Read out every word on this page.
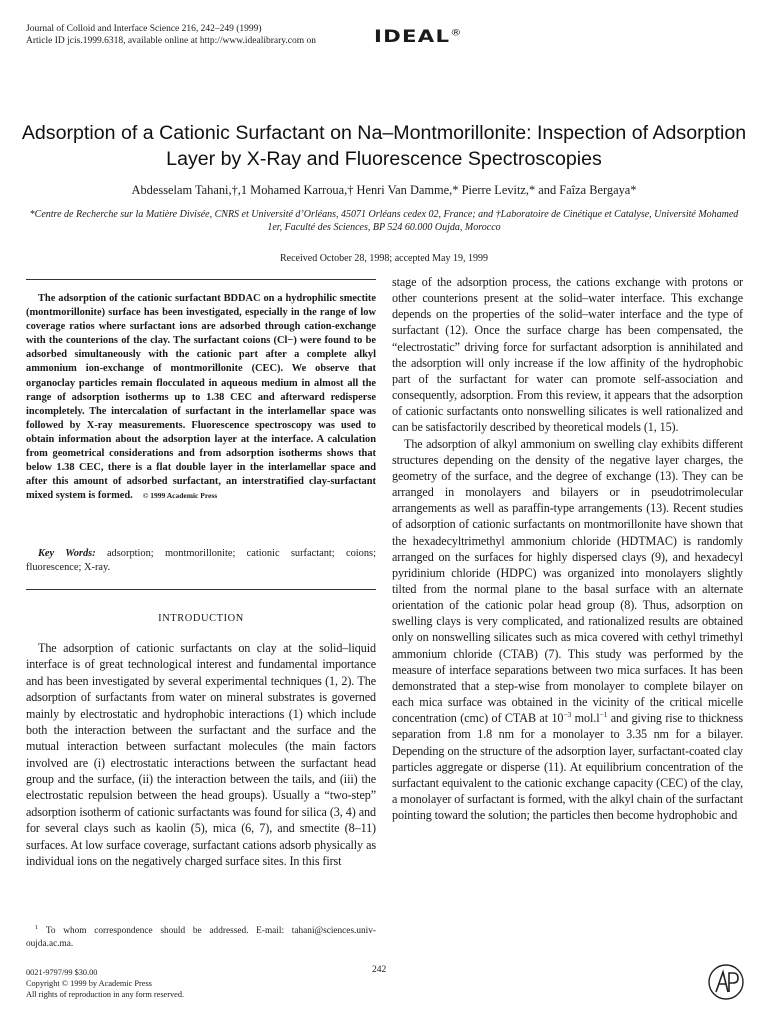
Journal of Colloid and Interface Science 216, 242–249 (1999)
Article ID jcis.1999.6318, available online at http://www.idealibrary.com on	IDEAL®
Adsorption of a Cationic Surfactant on Na–Montmorillonite: Inspection of Adsorption Layer by X-Ray and Fluorescence Spectroscopies
Abdesselam Tahani,†,1 Mohamed Karroua,† Henri Van Damme,* Pierre Levitz,* and Faîza Bergaya*
*Centre de Recherche sur la Matière Divisée, CNRS et Université d’Orléans, 45071 Orléans cedex 02, France; and †Laboratoire de Cinétique et Catalyse, Université Mohamed 1er, Faculté des Sciences, BP 524 60.000 Oujda, Morocco
Received October 28, 1998; accepted May 19, 1999
The adsorption of the cationic surfactant BDDAC on a hydrophilic smectite (montmorillonite) surface has been investigated, especially in the range of low coverage ratios where surfactant ions are adsorbed through cation-exchange with the counterions of the clay. The surfactant coions (Cl−) were found to be adsorbed simultaneously with the cationic part after a complete alkyl ammonium ion-exchange of montmorillonite (CEC). We observe that organoclay particles remain flocculated in aqueous medium in almost all the range of adsorption isotherms up to 1.38 CEC and afterward redisperse incompletely. The intercalation of surfactant in the interlamellar space was followed by X-ray measurements. Fluorescence spectroscopy was used to obtain information about the adsorption layer at the interface. A calculation from geometrical considerations and from adsorption isotherms shows that below 1.38 CEC, there is a flat double layer in the interlamellar space and after this amount of adsorbed surfactant, an interstratified clay-surfactant mixed system is formed. © 1999 Academic Press
Key Words: adsorption; montmorillonite; cationic surfactant; coions; fluorescence; X-ray.
INTRODUCTION
The adsorption of cationic surfactants on clay at the solid–liquid interface is of great technological interest and fundamental importance and has been investigated by several experimental techniques (1, 2). The adsorption of surfactants from water on mineral substrates is governed mainly by electrostatic and hydrophobic interactions (1) which include both the interaction between the surfactant and the surface and the mutual interaction between surfactant molecules (the main factors involved are (i) electrostatic interactions between the surfactant head group and the surface, (ii) the interaction between the tails, and (iii) the electrostatic repulsion between the head groups). Usually a “two-step” adsorption isotherm of cationic surfactants was found for silica (3, 4) and for several clays such as kaolin (5), mica (6, 7), and smectite (8–11) surfaces. At low surface coverage, surfactant cations adsorb physically as individual ions on the negatively charged surface sites. In this first
$^1$ To whom correspondence should be addressed. E-mail: tahani@sciences.univ-oujda.ac.ma.

stage of the adsorption process, the cations exchange with protons or other counterions present at the solid–water interface. This exchange depends on the properties of the solid–water interface and the type of surfactant (12). Once the surface charge has been compensated, the “electrostatic” driving force for surfactant adsorption is annihilated and the adsorption will only increase if the low affinity of the hydrophobic part of the surfactant for water can promote self-association and consequently, adsorption. From this review, it appears that the adsorption of cationic surfactants onto nonswelling silicates is well rationalized and can be satisfactorily described by theoretical models (1, 15).

The adsorption of alkyl ammonium on swelling clay exhibits different structures depending on the density of the negative layer charges, the geometry of the surface, and the degree of exchange (13). They can be arranged in monolayers and bilayers or in pseudotrimolecular arrangements as well as paraffin-type arrangements (13). Recent studies of adsorption of cationic surfactants on montmorillonite have shown that the hexadecyltrimethyl ammonium chloride (HDTMAC) is randomly arranged on the surfaces for highly dispersed clays (9), and hexadecyl pyridinium chloride (HDPC) was organized into monolayers slightly tilted from the normal plane to the basal surface with an alternate orientation of the cationic polar head group (8). Thus, adsorption on swelling clays is very complicated, and rationalized results are obtained only on nonswelling silicates such as mica covered with cethyl trimethyl ammonium chloride (CTAB) (7). This study was performed by the measure of interface separations between two mica surfaces. It has been demonstrated that a step-wise from monolayer to complete bilayer on each mica surface was obtained in the vicinity of the critical micelle concentration (cmc) of CTAB at $10^{-3}$ $mol.l^{-1}$ and giving rise to thickness separation from 1.8 nm for a monolayer to 3.35 nm for a bilayer. Depending on the structure of the adsorption layer, surfactant-coated clay particles aggregate or disperse (11). At equilibrium concentration of the surfactant equivalent to the cationic exchange capacity (CEC) of the clay, a monolayer of surfactant is formed, with the alkyl chain of the surfactant pointing toward the solution; the particles then become hydrophobic and

242
0021-9797/99 $30.00
Copyright © 1999 by Academic Press
All rights of reproduction in any form reserved.
